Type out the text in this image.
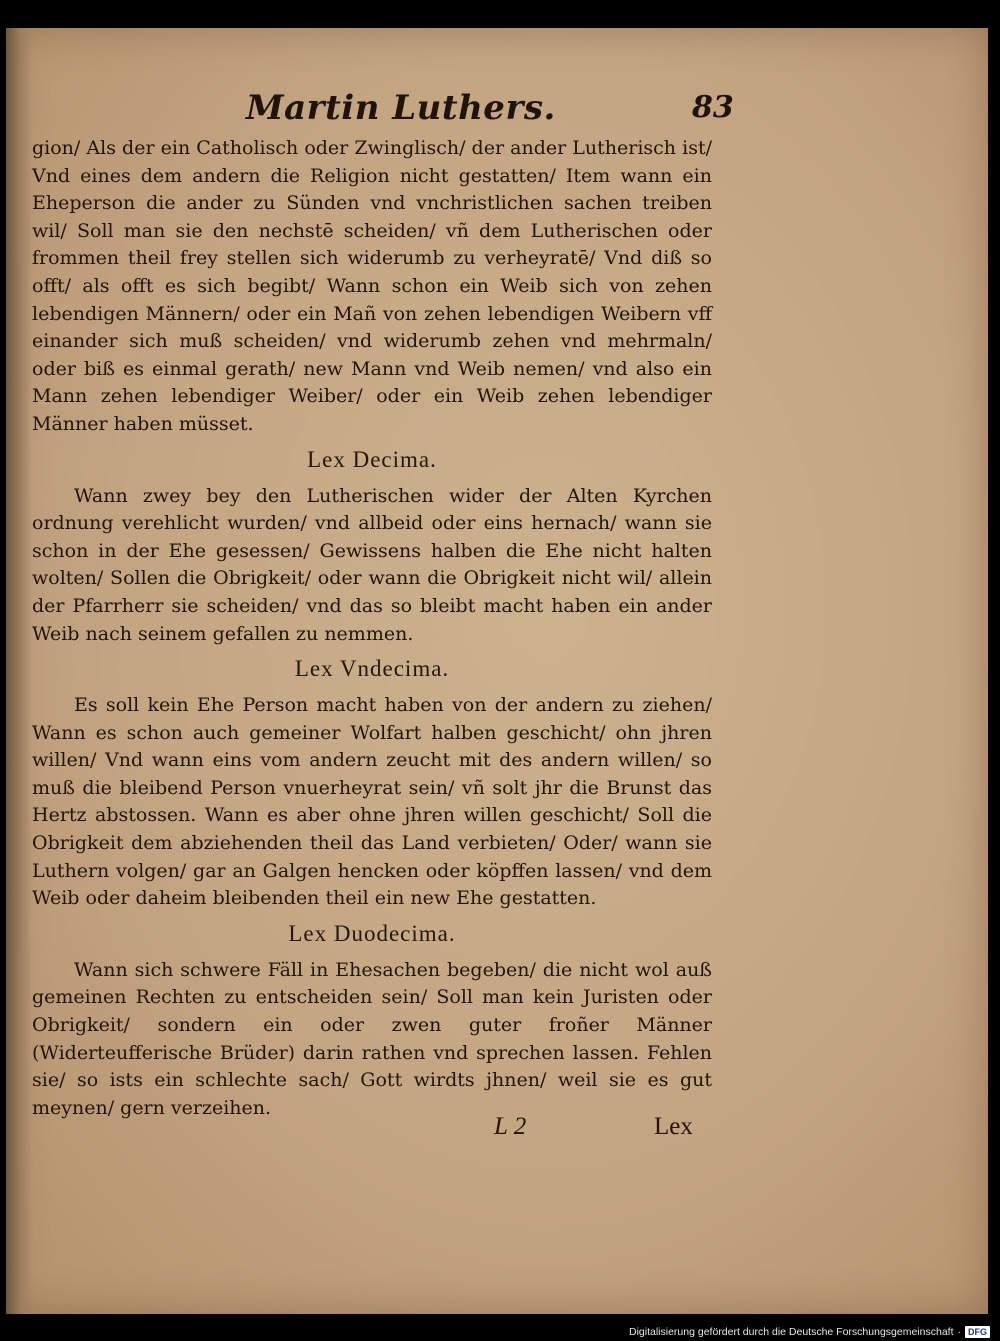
Martin Luthers.	83

gion/ Als der ein Catholisch oder Zwinglisch/ der ander Lutherisch ist/ Vnd eines dem andern die Religion nicht gestatten/ Item wann ein Eheperson die ander zu Sünden vnd vnchristlichen sachen treiben wil/ Soll man sie den nechstē scheiden/ vñ dem Lutherischen oder frommen theil frey stellen sich widerumb zu verheyratē/ Vnd diß so offt/ als offt es sich begibt/ Wann schon ein Weib sich von zehen lebendigen Männern/ oder ein Mañ von zehen lebendigen Weibern vff einander sich muß scheiden/ vnd widerumb zehen vnd mehrmaln/ oder biß es einmal gerath/ new Mann vnd Weib nemen/ vnd also ein Mann zehen lebendiger Weiber/ oder ein Weib zehen lebendiger Männer haben müsset.

Lex Decima.

Wann zwey bey den Lutherischen wider der Alten Kyrchen ordnung verehlicht wurden/ vnd allbeid oder eins hernach/ wann sie schon in der Ehe gesessen/ Gewissens halben die Ehe nicht halten wolten/ Sollen die Obrigkeit/ oder wann die Obrigkeit nicht wil/ allein der Pfarrherr sie scheiden/ vnd das so bleibt macht haben ein ander Weib nach seinem gefallen zu nemmen.

Lex Vndecima.

Es soll kein Ehe Person macht haben von der andern zu ziehen/ Wann es schon auch gemeiner Wolfart halben geschicht/ ohn jhren willen/ Vnd wann eins vom andern zeucht mit des andern willen/ so muß die bleibend Person vnuerheyrat sein/ vñ solt jhr die Brunst das Hertz abstossen. Wann es aber ohne jhren willen geschicht/ Soll die Obrigkeit dem abziehenden theil das Land verbieten/ Oder/ wann sie Luthern volgen/ gar an Galgen hencken oder köpffen lassen/ vnd dem Weib oder daheim bleibenden theil ein new Ehe gestatten.

Lex Duodecima.

Wann sich schwere Fäll in Ehesachen begeben/ die nicht wol auß gemeinen Rechten zu entscheiden sein/ Soll man kein Juristen oder Obrigkeit/ sondern ein oder zwen guter froñer Männer (Widerteufferische Brüder) darin rathen vnd sprechen lassen. Fehlen sie/ so ists ein schlechte sach/ Gott wirdts jhnen/ weil sie es gut meynen/ gern verzeihen.

L 2	Lex
Digitalisierung gefördert durch die Deutsche Forschungsgemeinschaft · DFG
